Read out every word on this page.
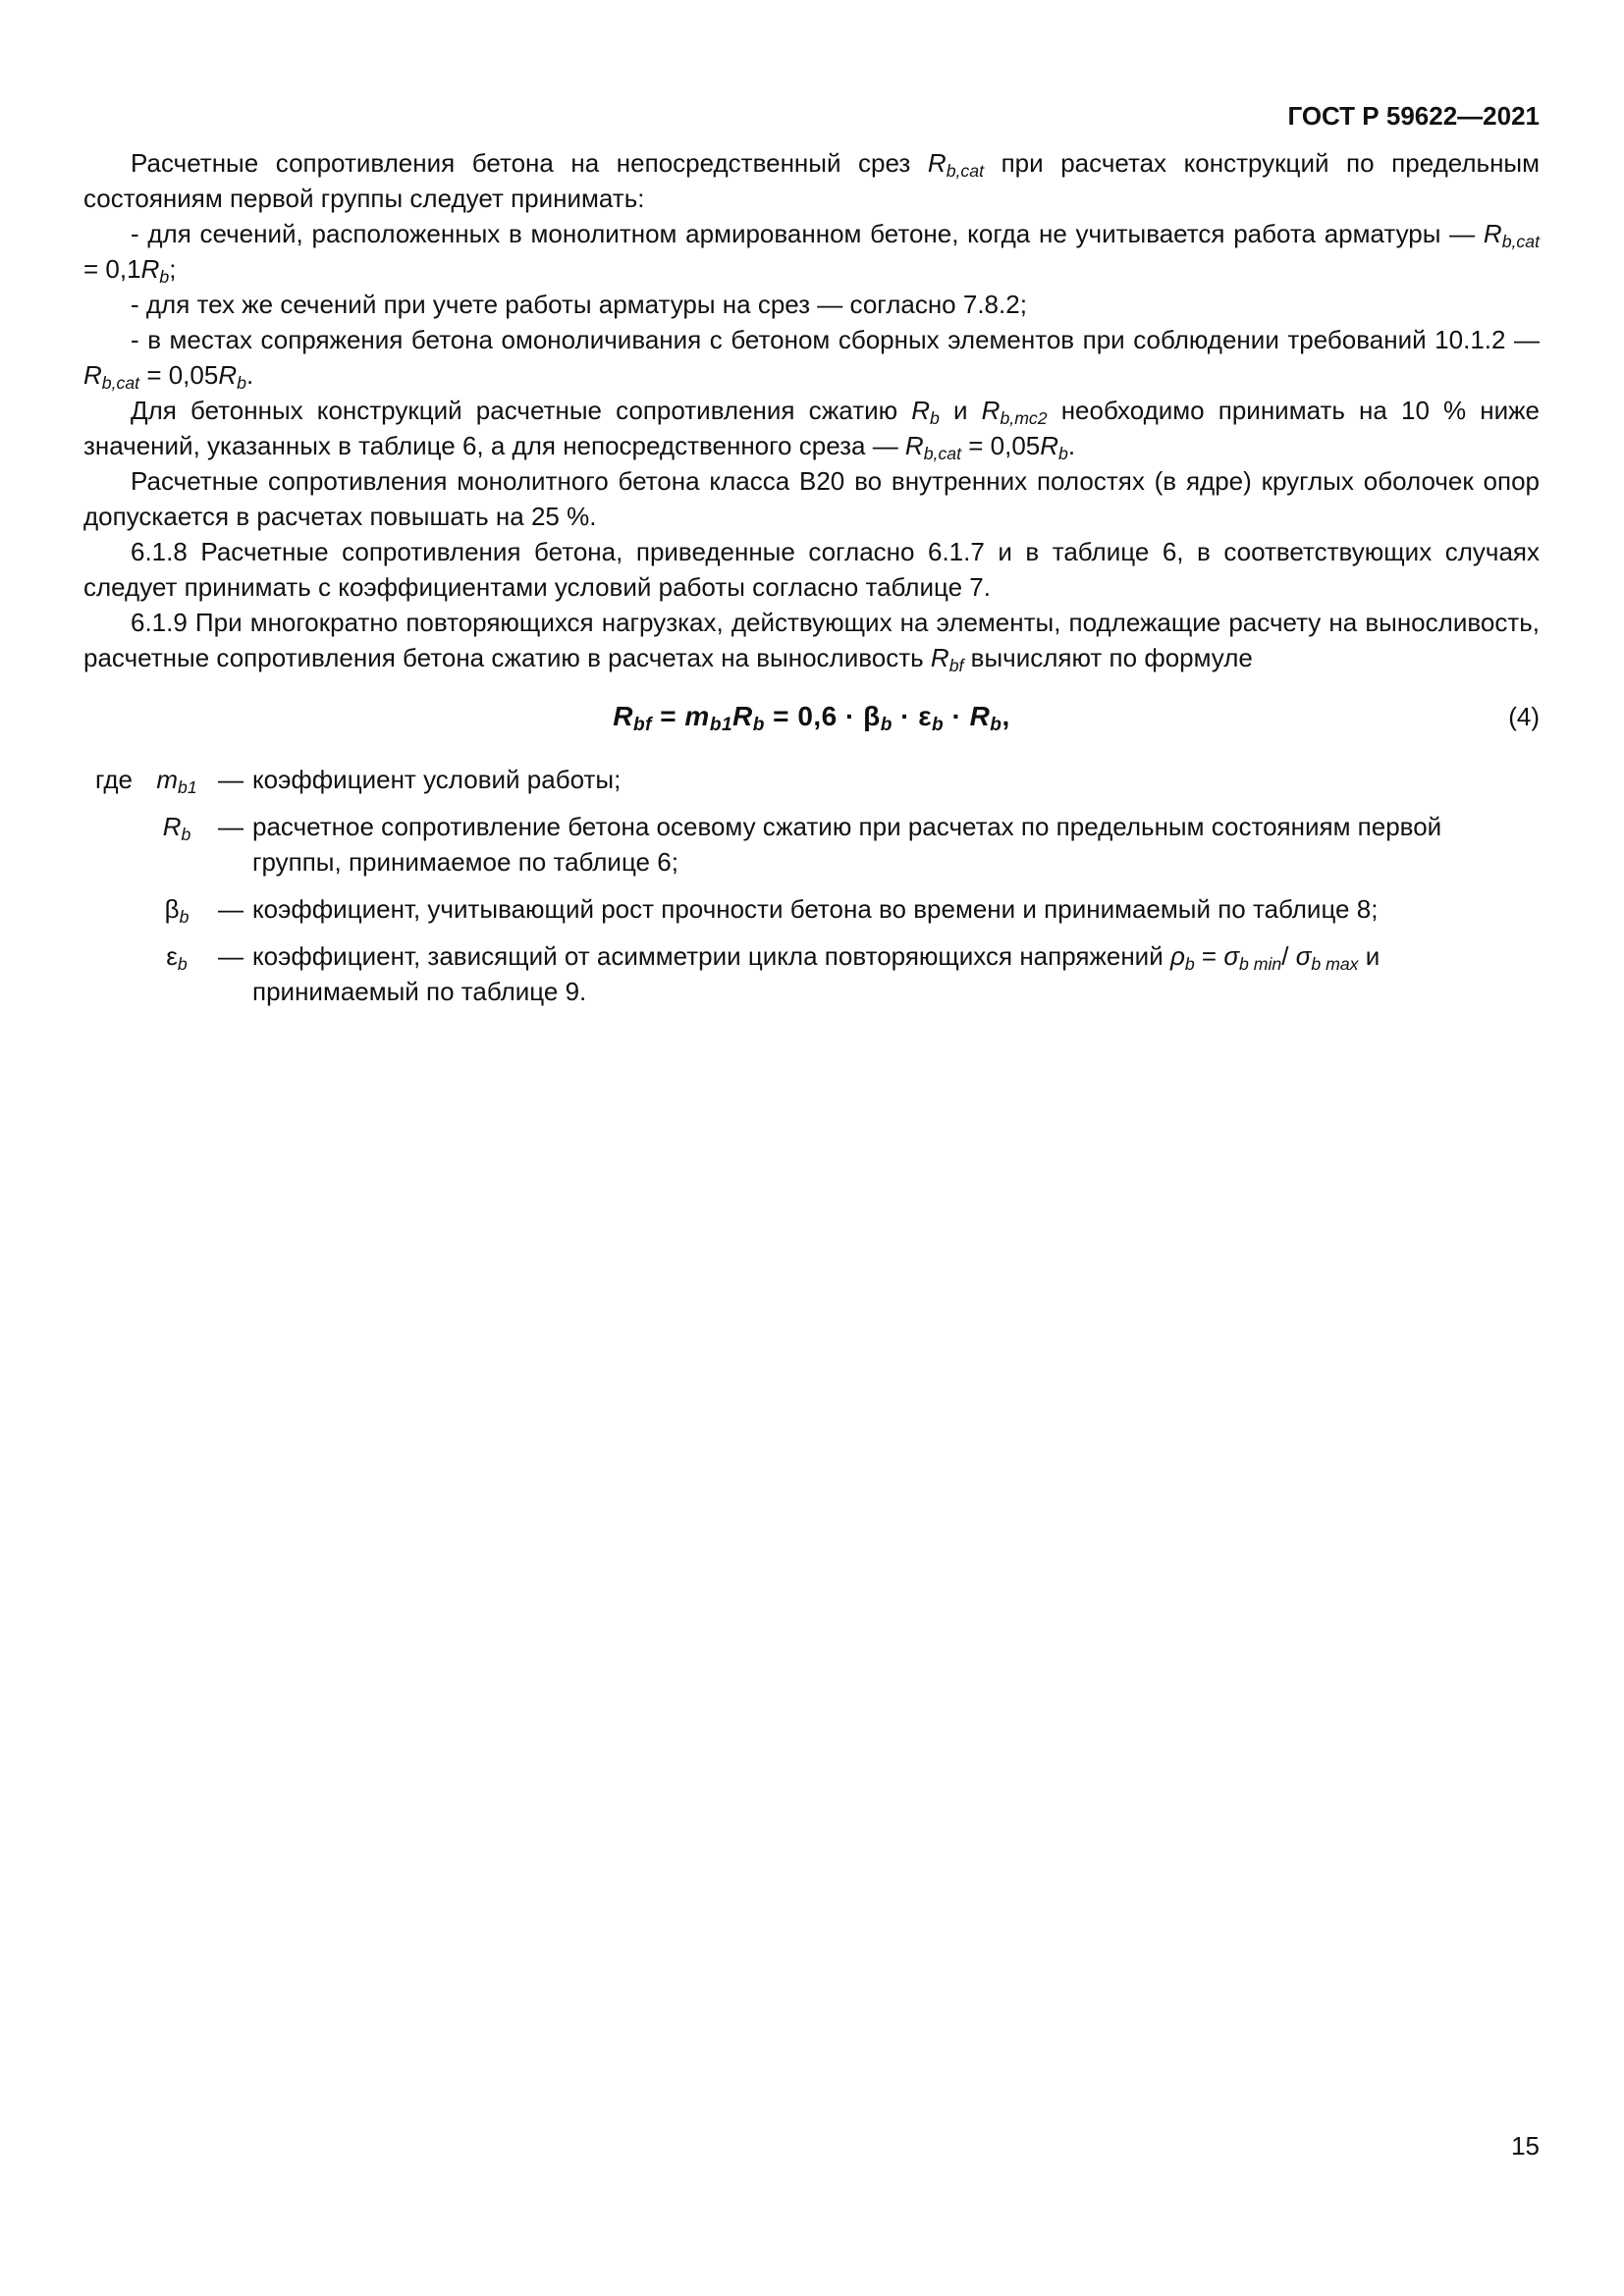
ГОСТ Р 59622—2021

Расчетные сопротивления бетона на непосредственный срез $R_{b,cat}$ при расчетах конструкций по предельным состояниям первой группы следует принимать:

- для сечений, расположенных в монолитном армированном бетоне, когда не учитывается работа арматуры — $R_{b,cat} = 0,1R_b$;

- для тех же сечений при учете работы арматуры на срез — согласно 7.8.2;

- в местах сопряжения бетона омоноличивания с бетоном сборных элементов при соблюдении требований 10.1.2 — $R_{b,cat} = 0,05R_b$.

Для бетонных конструкций расчетные сопротивления сжатию $R_b$ и $R_{b,mc2}$ необходимо принимать на 10 % ниже значений, указанных в таблице 6, а для непосредственного среза — $R_{b,cat} = 0,05R_b$.

Расчетные сопротивления монолитного бетона класса В20 во внутренних полостях (в ядре) круглых оболочек опор допускается в расчетах повышать на 25 %.

6.1.8 Расчетные сопротивления бетона, приведенные согласно 6.1.7 и в таблице 6, в соответствующих случаях следует принимать с коэффициентами условий работы согласно таблице 7.

6.1.9 При многократно повторяющихся нагрузках, действующих на элементы, подлежащие расчету на выносливость, расчетные сопротивления бетона сжатию в расчетах на выносливость $R_{bf}$ вычисляют по формуле

$R_{bf} = m_{b1}R_b = 0,6 \cdot \beta_b \cdot \varepsilon_b \cdot R_b$,	(4)
где $m_{b1}$ — коэффициент условий работы;
$R_b$	— расчетное сопротивление бетона осевому сжатию при расчетах по предельным состояниям первой группы, принимаемое по таблице 6;
$\beta_b$	— коэффициент, учитывающий рост прочности бетона во времени и принимаемый по таблице 8;
$\varepsilon_b$	— коэффициент, зависящий от асимметрии цикла повторяющихся напряжений $\rho_b = \sigma_{b min}/$ $\sigma_{b max}$ и принимаемый по таблице 9.
15
